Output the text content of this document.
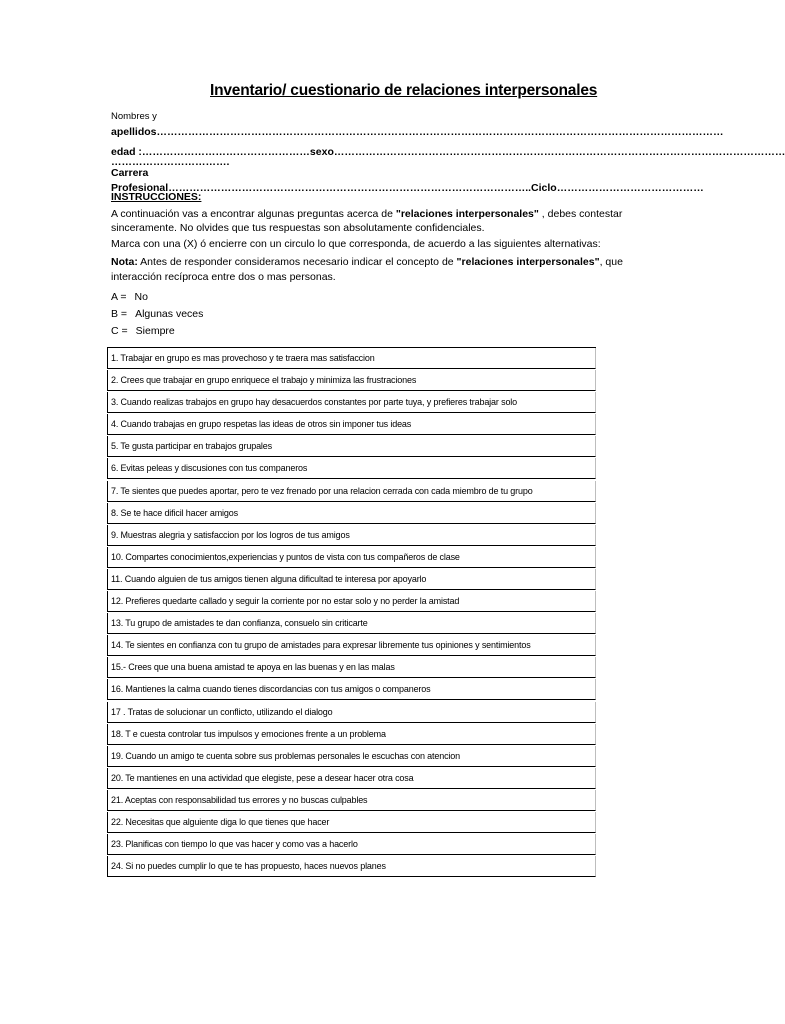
Inventario/ cuestionario de relaciones interpersonales
Nombres y
apellidos………………………………………………………………………………………………………………………………………………
edad :…………………………………………sexo…………………………………………………………………………………………………………………
…………………………….
Carrera
Profesional…………………………………………………………………………………………..Ciclo……………………………………
INSTRUCCIONES:
A continuación vas a encontrar algunas preguntas acerca de "relaciones interpersonales" , debes contestar
sinceramente. No olvides que tus respuestas son absolutamente confidenciales.
Marca con una (X) ó encierre con un circulo lo que corresponda, de acuerdo a las siguientes alternativas:
Nota: Antes de responder consideramos necesario indicar el concepto de "relaciones interpersonales", que
interacción recíproca entre dos o mas personas.
A = No
B = Algunas veces
C = Siempre
1. Trabajar en grupo es mas provechoso y te traera mas satisfaccion
2. Crees que trabajar en grupo enriquece el trabajo y minimiza las frustraciones
3. Cuando realizas trabajos en grupo hay desacuerdos constantes por parte tuya, y prefieres trabajar solo
4. Cuando trabajas en grupo respetas las ideas de otros sin imponer tus ideas
5. Te gusta participar en trabajos grupales
6. Evitas peleas y discusiones con tus companeros
7. Te sientes que puedes aportar, pero te vez frenado por una relacion cerrada con cada miembro de tu grupo
8. Se te hace dificil hacer amigos
9. Muestras alegria y satisfaccion por los logros de tus amigos
10. Compartes conocimientos,experiencias y puntos de vista con tus compañeros de clase
11. Cuando alguien de tus amigos tienen alguna dificultad te interesa por apoyarlo
12. Prefieres quedarte callado y seguir la corriente por no estar solo y no perder la amistad
13. Tu grupo de amistades te dan confianza, consuelo sin criticarte
14. Te sientes en confianza con tu grupo de amistades para expresar libremente tus opiniones y sentimientos
15.- Crees que una buena amistad te apoya en las buenas y en las malas
16. Mantienes la calma cuando tienes discordancias con tus amigos o companeros
17 . Tratas de solucionar un conflicto, utilizando el dialogo
18. T e cuesta controlar tus impulsos y emociones frente a un problema
19. Cuando un amigo te cuenta sobre sus problemas personales le escuchas con atencion
20. Te mantienes en una actividad que elegiste, pese a desear hacer otra cosa
21. Aceptas con responsabilidad tus errores y no buscas culpables
22. Necesitas que alguiente diga lo que tienes que hacer
23. Planificas con tiempo lo que vas hacer y como vas a hacerlo
24. Si no puedes cumplir lo que te has propuesto, haces nuevos planes
